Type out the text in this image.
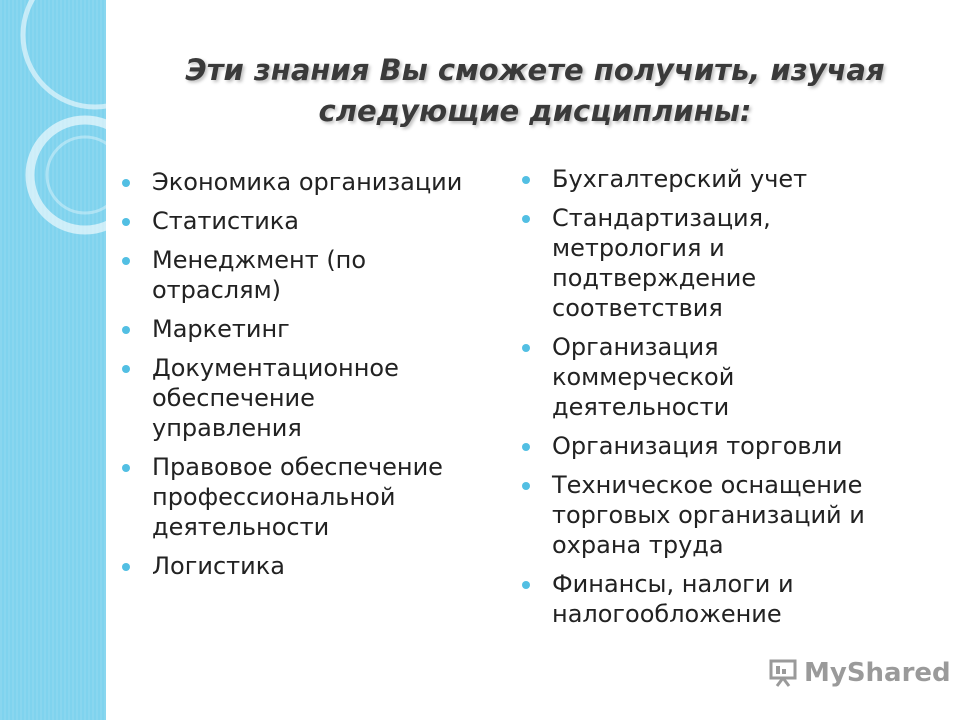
Эти знания Вы сможете получить, изучая
следующие дисциплины:
Экономика организации
Статистика
Менеджмент (по отраслям)
Маркетинг
Документационное обеспечение управления
Правовое обеспечение профессиональной деятельности
Логистика
Бухгалтерский учет
Стандартизация, метрология и подтверждение соответствия
Организация коммерческой деятельности
Организация торговли
Техническое оснащение торговых организаций и охрана труда
Финансы, налоги и налогообложение
MyShared
